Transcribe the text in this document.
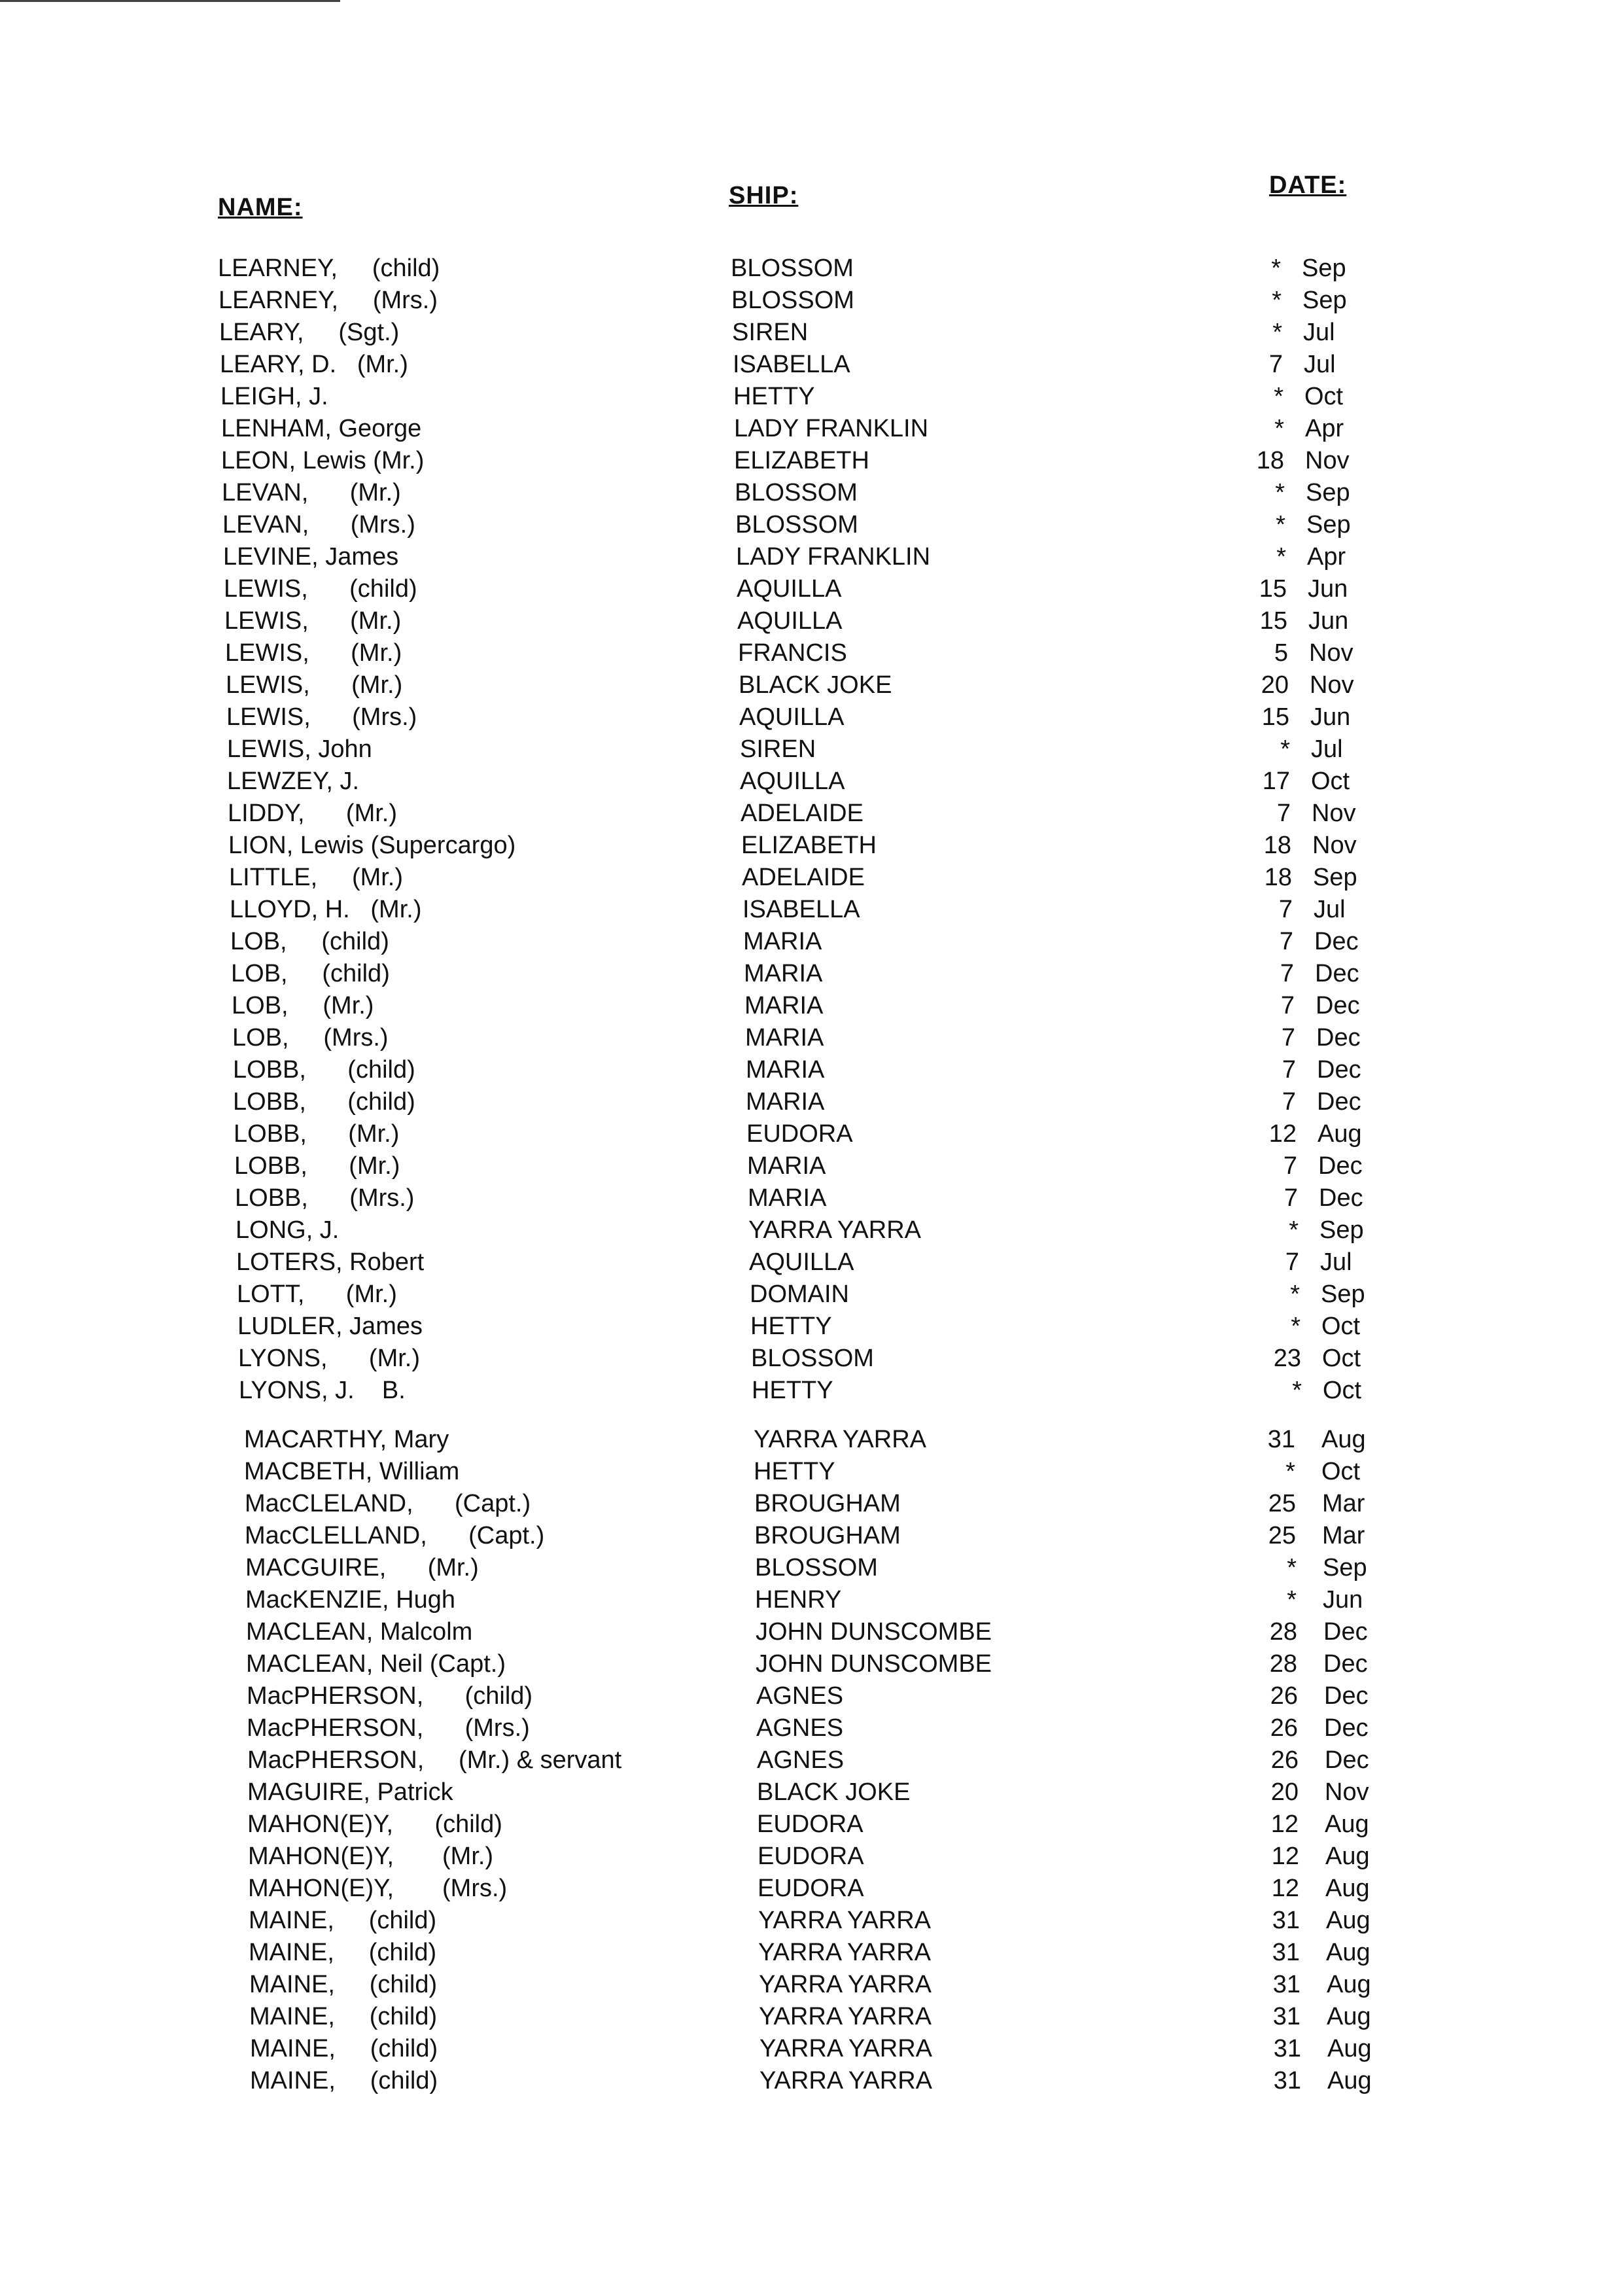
NAME:	SHIP:	DATE:
LEARNEY,     (child)	BLOSSOM	* Sep
LEARNEY,     (Mrs.)	BLOSSOM	* Sep
LEARY,     (Sgt.)	SIREN	* Jul
LEARY, D.   (Mr.)	ISABELLA	7 Jul
LEIGH, J.	HETTY	* Oct
LENHAM, George	LADY FRANKLIN	* Apr
LEON, Lewis (Mr.)	ELIZABETH	18 Nov
LEVAN,      (Mr.)	BLOSSOM	* Sep
LEVAN,      (Mrs.)	BLOSSOM	* Sep
LEVINE, James	LADY FRANKLIN	* Apr
LEWIS,      (child)	AQUILLA	15 Jun
LEWIS,      (Mr.)	AQUILLA	15 Jun
LEWIS,      (Mr.)	FRANCIS	5 Nov
LEWIS,      (Mr.)	BLACK JOKE	20 Nov
LEWIS,      (Mrs.)	AQUILLA	15 Jun
LEWIS, John	SIREN	* Jul
LEWZEY, J.	AQUILLA	17 Oct
LIDDY,      (Mr.)	ADELAIDE	7 Nov
LION, Lewis (Supercargo)	ELIZABETH	18 Nov
LITTLE,     (Mr.)	ADELAIDE	18 Sep
LLOYD, H.   (Mr.)	ISABELLA	7 Jul
LOB,     (child)	MARIA	7 Dec
LOB,     (child)	MARIA	7 Dec
LOB,     (Mr.)	MARIA	7 Dec
LOB,     (Mrs.)	MARIA	7 Dec
LOBB,      (child)	MARIA	7 Dec
LOBB,      (child)	MARIA	7 Dec
LOBB,      (Mr.)	EUDORA	12 Aug
LOBB,      (Mr.)	MARIA	7 Dec
LOBB,      (Mrs.)	MARIA	7 Dec
LONG, J.	YARRA YARRA	* Sep
LOTERS, Robert	AQUILLA	7 Jul
LOTT,      (Mr.)	DOMAIN	* Sep
LUDLER, James	HETTY	* Oct
LYONS,      (Mr.)	BLOSSOM	23 Oct
LYONS, J.    B.	HETTY	* Oct
MACARTHY, Mary	YARRA YARRA	31 Aug
MACBETH, William	HETTY	* Oct
MacCLELAND,      (Capt.)	BROUGHAM	25 Mar
MacCLELLAND,      (Capt.)	BROUGHAM	25 Mar
MACGUIRE,      (Mr.)	BLOSSOM	* Sep
MacKENZIE, Hugh	HENRY	* Jun
MACLEAN, Malcolm	JOHN DUNSCOMBE	28 Dec
MACLEAN, Neil (Capt.)	JOHN DUNSCOMBE	28 Dec
MacPHERSON,      (child)	AGNES	26 Dec
MacPHERSON,      (Mrs.)	AGNES	26 Dec
MacPHERSON,     (Mr.) & servant	AGNES	26 Dec
MAGUIRE, Patrick	BLACK JOKE	20 Nov
MAHON(E)Y,      (child)	EUDORA	12 Aug
MAHON(E)Y,       (Mr.)	EUDORA	12 Aug
MAHON(E)Y,       (Mrs.)	EUDORA	12 Aug
MAINE,     (child)	YARRA YARRA	31 Aug
MAINE,     (child)	YARRA YARRA	31 Aug
MAINE,     (child)	YARRA YARRA	31 Aug
MAINE,     (child)	YARRA YARRA	31 Aug
MAINE,     (child)	YARRA YARRA	31 Aug
MAINE,     (child)	YARRA YARRA	31 Aug
